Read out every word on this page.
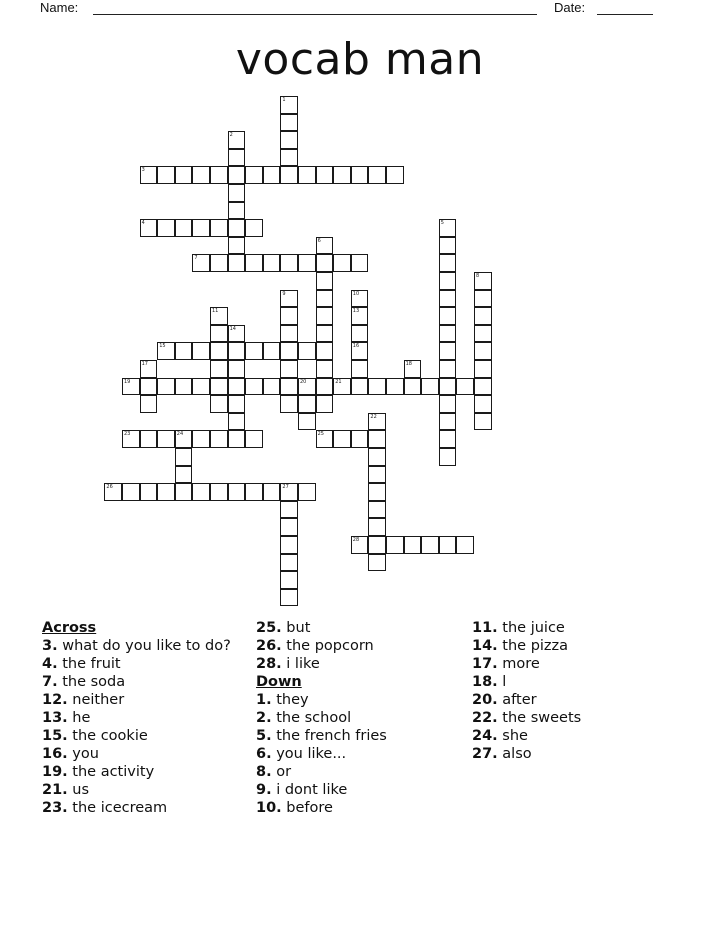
Name:	Date:
vocab man
1
2
3
4	5
6
7
8
9	10
13
16
11
14
15
17	18
19	20	21
22
23	24	25
26	27
28
Across
3. what do you like to do?
4. the fruit
7. the soda
12. neither
13. he
15. the cookie
16. you
19. the activity
21. us
23. the icecream
25. but
26. the popcorn
28. i like
Down
1. they
2. the school
5. the french fries
6. you like...
8. or
9. i dont like
10. before
11. the juice
14. the pizza
17. more
18. l
20. after
22. the sweets
24. she
27. also
